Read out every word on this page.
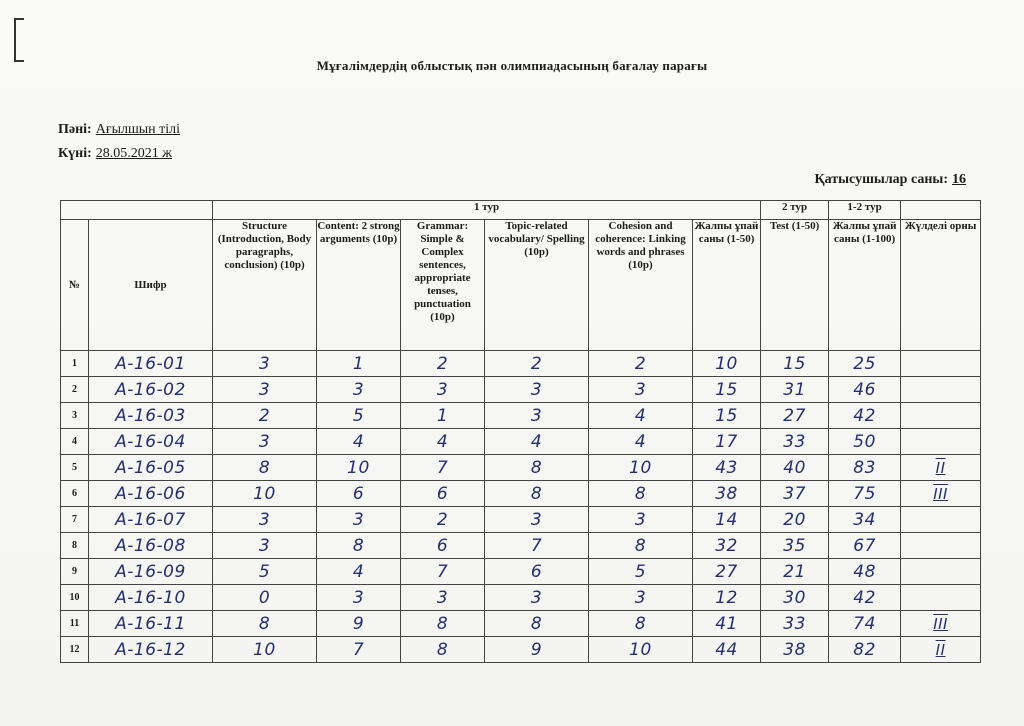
Мұғалімдердің облыстық пән олимпиадасының бағалау парағы
Пәні: Ағылшын тілі
Күні: 28.05.2021 ж
Қатысушылар саны: 16
		1 тур						2 тур	1-2 тур	
№	Шифр	Structure (Introduction, Body paragraphs, conclusion) (10p)	Content: 2 strong arguments (10p)	Grammar: Simple & Complex sentences, appropriate tenses, punctuation (10p)	Topic-related vocabulary/ Spelling (10p)	Cohesion and coherence: Linking words and phrases (10p)	Жалпы ұпай саны (1-50)	Test (1-50)	Жалпы ұпай саны (1-100)	Жүлделі орны
1	A-16-01	3	1	2	2	2	10	15	25	
2	A-16-02	3	3	3	3	3	15	31	46	
3	A-16-03	2	5	1	3	4	15	27	42	
4	A-16-04	3	4	4	4	4	17	33	50	
5	A-16-05	8	10	7	8	10	43	40	83	II
6	A-16-06	10	6	6	8	8	38	37	75	III
7	A-16-07	3	3	2	3	3	14	20	34	
8	A-16-08	3	8	6	7	8	32	35	67	
9	A-16-09	5	4	7	6	5	27	21	48	
10	A-16-10	0	3	3	3	3	12	30	42	
11	A-16-11	8	9	8	8	8	41	33	74	III
12	A-16-12	10	7	8	9	10	44	38	82	II
